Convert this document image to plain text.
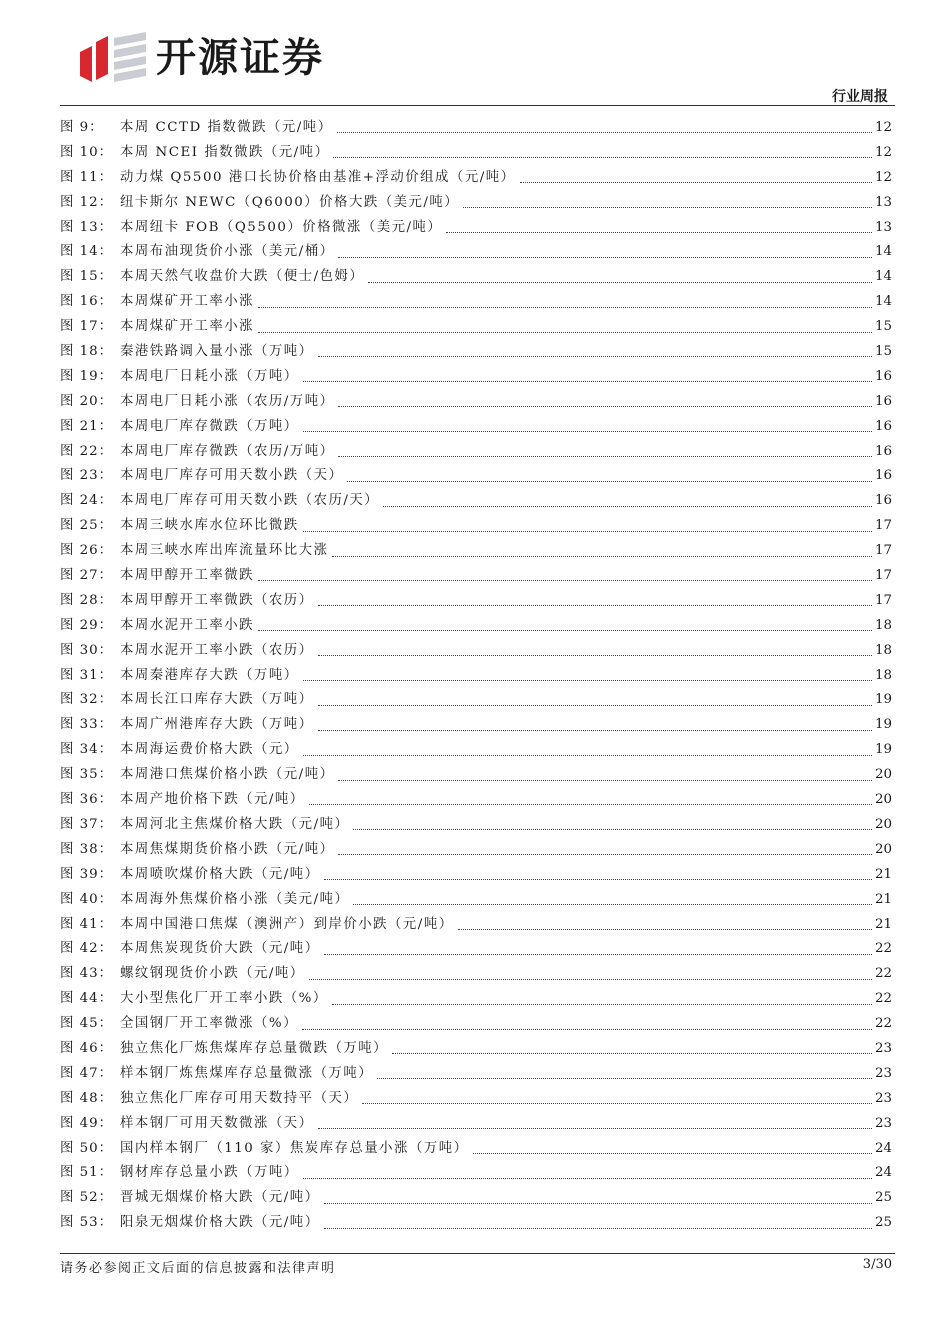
开源证券
行业周报
图 9：	本周 CCTD 指数微跌（元/吨）	12
图 10： 本周 NCEI 指数微跌（元/吨）	12
图 11： 动力煤 Q5500 港口长协价格由基准+浮动价组成（元/吨）	12
图 12： 纽卡斯尔 NEWC（Q6000）价格大跌（美元/吨）	13
图 13： 本周纽卡 FOB（Q5500）价格微涨（美元/吨）	13
图 14： 本周布油现货价小涨（美元/桶）	14
图 15： 本周天然气收盘价大跌（便士/色姆）	14
图 16： 本周煤矿开工率小涨	14
图 17： 本周煤矿开工率小涨	15
图 18： 秦港铁路调入量小涨（万吨）	15
图 19： 本周电厂日耗小涨（万吨）	16
图 20： 本周电厂日耗小涨（农历/万吨）	16
图 21： 本周电厂库存微跌（万吨）	16
图 22： 本周电厂库存微跌（农历/万吨）	16
图 23： 本周电厂库存可用天数小跌（天）	16
图 24： 本周电厂库存可用天数小跌（农历/天）	16
图 25： 本周三峡水库水位环比微跌	17
图 26： 本周三峡水库出库流量环比大涨	17
图 27： 本周甲醇开工率微跌	17
图 28： 本周甲醇开工率微跌（农历）	17
图 29： 本周水泥开工率小跌	18
图 30： 本周水泥开工率小跌（农历）	18
图 31： 本周秦港库存大跌（万吨）	18
图 32： 本周长江口库存大跌（万吨）	19
图 33： 本周广州港库存大跌（万吨）	19
图 34： 本周海运费价格大跌（元）	19
图 35： 本周港口焦煤价格小跌（元/吨）	20
图 36： 本周产地价格下跌（元/吨）	20
图 37： 本周河北主焦煤价格大跌（元/吨）	20
图 38： 本周焦煤期货价格小跌（元/吨）	20
图 39： 本周喷吹煤价格大跌（元/吨）	21
图 40： 本周海外焦煤价格小涨（美元/吨）	21
图 41： 本周中国港口焦煤（澳洲产）到岸价小跌（元/吨）	21
图 42： 本周焦炭现货价大跌（元/吨）	22
图 43： 螺纹钢现货价小跌（元/吨）	22
图 44： 大小型焦化厂开工率小跌（%）	22
图 45： 全国钢厂开工率微涨（%）	22
图 46： 独立焦化厂炼焦煤库存总量微跌（万吨）	23
图 47： 样本钢厂炼焦煤库存总量微涨（万吨）	23
图 48： 独立焦化厂库存可用天数持平（天）	23
图 49： 样本钢厂可用天数微涨（天）	23
图 50： 国内样本钢厂（110 家）焦炭库存总量小涨（万吨）	24
图 51： 钢材库存总量小跌（万吨）	24
图 52： 晋城无烟煤价格大跌（元/吨）	25
图 53： 阳泉无烟煤价格大跌（元/吨）	25
请务必参阅正文后面的信息披露和法律声明	3/30
